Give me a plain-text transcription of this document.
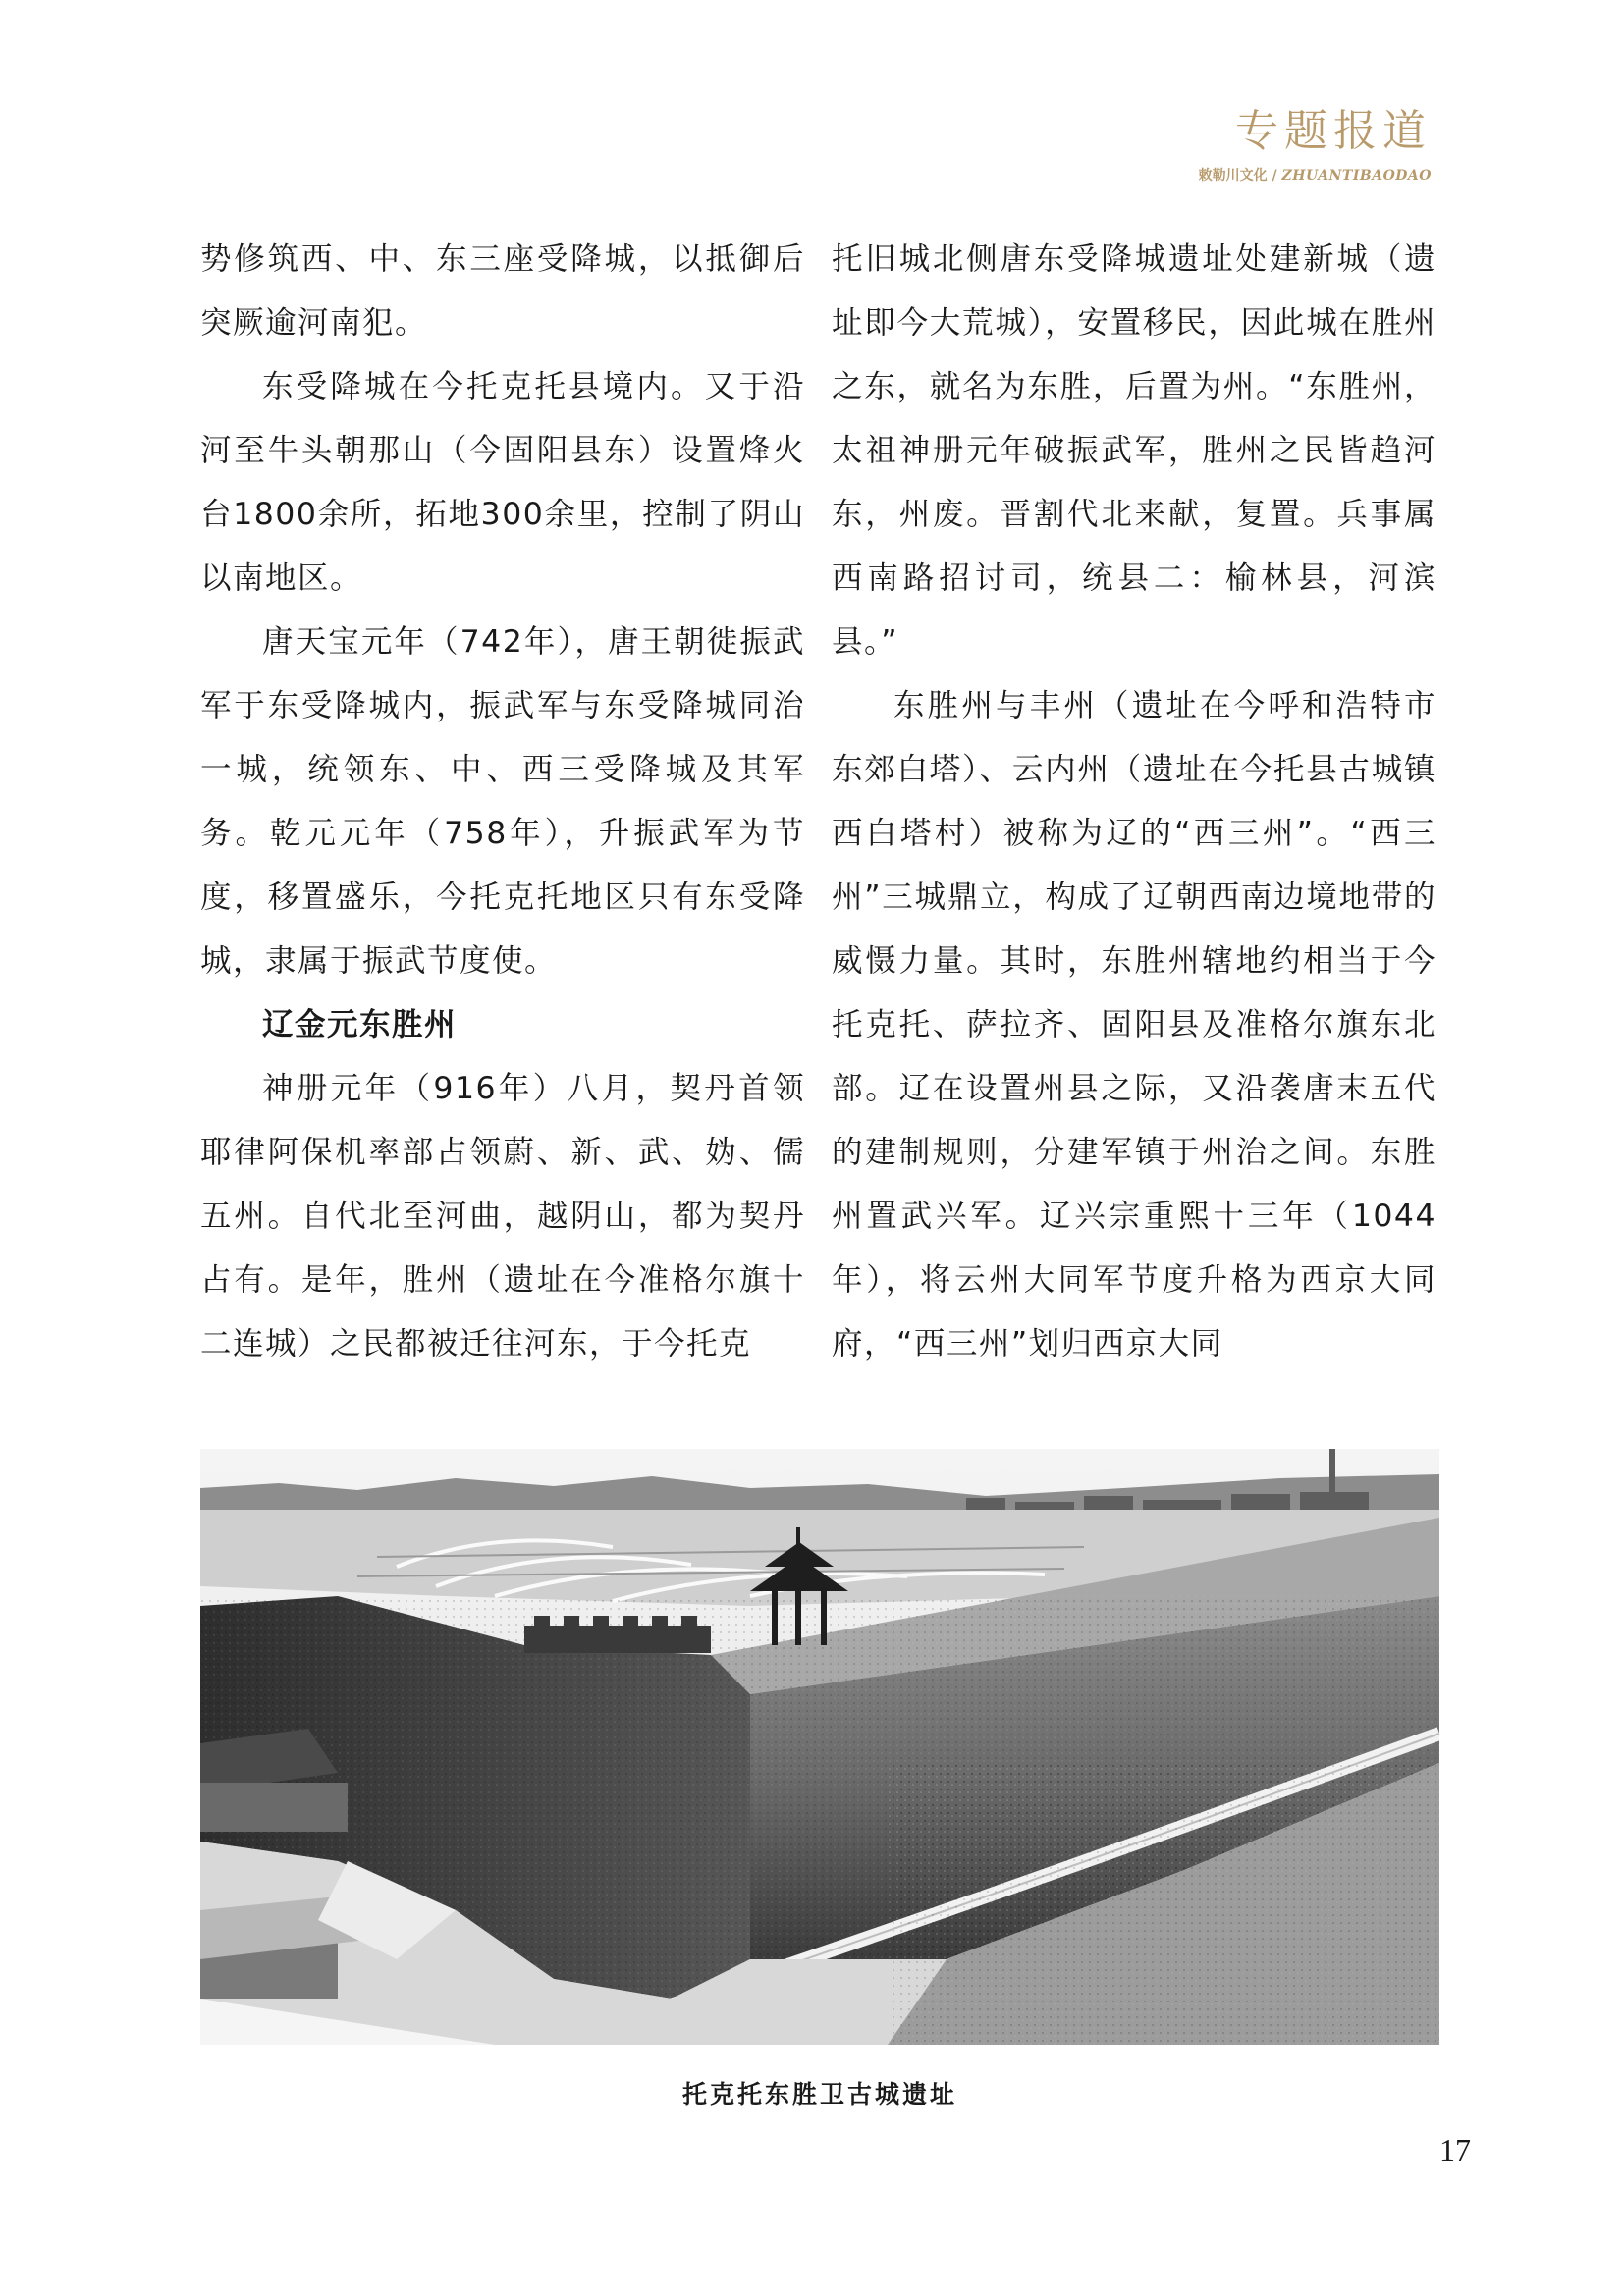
专题报道
敕勒川文化 / ZHUANTIBAODAO

势修筑西、中、东三座受降城，以抵御后突厥逾河南犯。

东受降城在今托克托县境内。又于沿河至牛头朝那山（今固阳县东）设置烽火台1800余所，拓地300余里，控制了阴山以南地区。

唐天宝元年（742年），唐王朝徙振武军于东受降城内，振武军与东受降城同治一城，统领东、中、西三受降城及其军务。乾元元年（758年），升振武军为节度，移置盛乐，今托克托地区只有东受降城，隶属于振武节度使。

辽金元东胜州

神册元年（916年）八月，契丹首领耶律阿保机率部占领蔚、新、武、妫、儒五州。自代北至河曲，越阴山，都为契丹占有。是年，胜州（遗址在今准格尔旗十二连城）之民都被迁往河东，于今托克

托旧城北侧唐东受降城遗址处建新城（遗址即今大荒城），安置移民，因此城在胜州之东，就名为东胜，后置为州。“东胜州，太祖神册元年破振武军，胜州之民皆趋河东，州废。晋割代北来献，复置。兵事属西南路招讨司，统县二：榆林县，河滨县。”

东胜州与丰州（遗址在今呼和浩特市东郊白塔）、云内州（遗址在今托县古城镇西白塔村）被称为辽的“西三州”。“西三州”三城鼎立，构成了辽朝西南边境地带的威慑力量。其时，东胜州辖地约相当于今托克托、萨拉齐、固阳县及准格尔旗东北部。辽在设置州县之际，又沿袭唐末五代的建制规则，分建军镇于州治之间。东胜州置武兴军。辽兴宗重熙十三年（1044年），将云州大同军节度升格为西京大同府，“西三州”划归西京大同

托克托东胜卫古城遗址
17
